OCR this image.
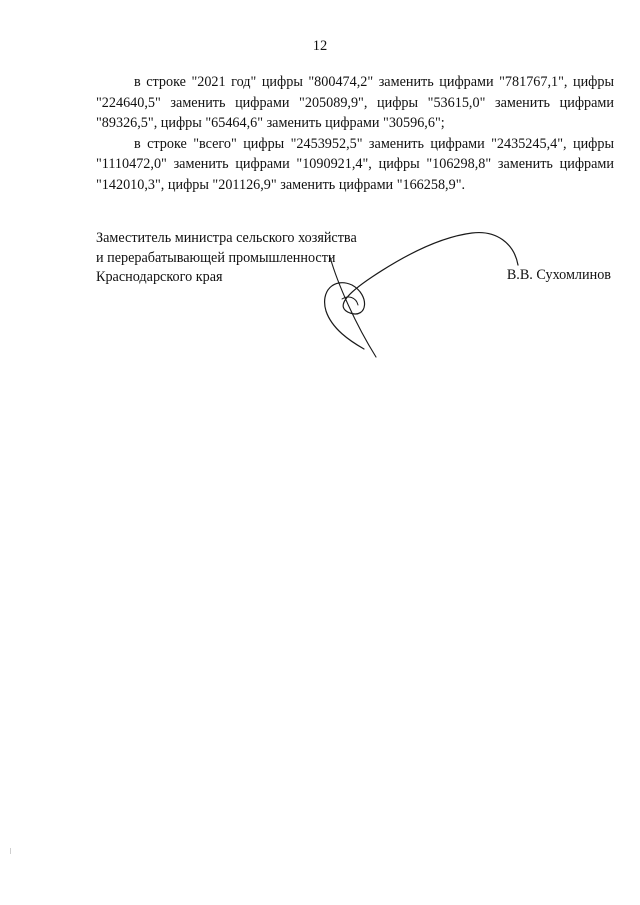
12

в строке "2021 год" цифры "800474,2" заменить цифрами "781767,1", цифры "224640,5" заменить цифрами "205089,9", цифры "53615,0" заменить цифрами "89326,5", цифры "65464,6" заменить цифрами "30596,6";

в строке "всего" цифры "2453952,5" заменить цифрами "2435245,4", цифры "1110472,0" заменить цифрами "1090921,4", цифры "106298,8" заменить цифрами "142010,3", цифры "201126,9" заменить цифрами "166258,9".

Заместитель министра сельского хозяйства
и перерабатывающей промышленности
Краснодарского края	В.В. Сухомлинов
